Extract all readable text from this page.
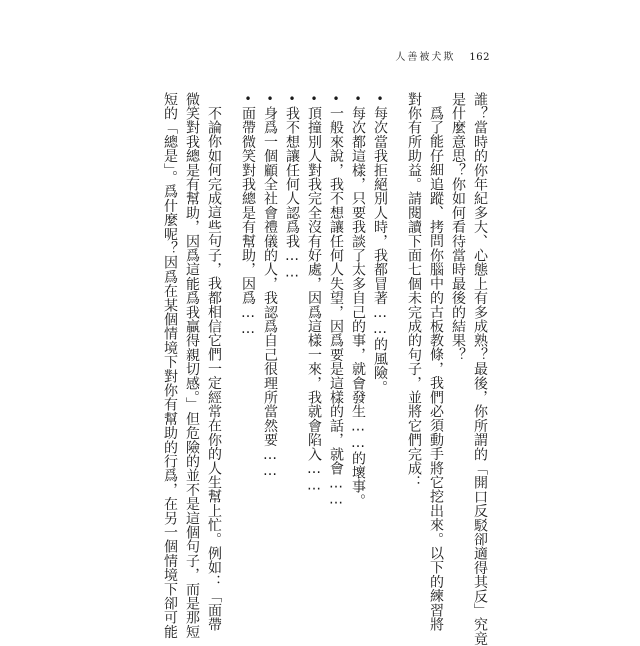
人善被犬欺 162
誰？當時的你年紀多大、心態上有多成熟？最後，你所謂的「開口反駁卻適得其反」究竟
是什麼意思？你如何看待當時最後的結果？
爲了能仔細追蹤、拷問你腦中的古板教條，我們必須動手將它挖出來。以下的練習將
對你有所助益。請閱讀下面七個未完成的句子，並將它們完成：
•每次當我拒絕別人時，我都冒著……的風險。
•每次都這樣，只要我談了太多自己的事，就會發生……的壞事。
•一般來說，我不想讓任何人失望，因爲要是這樣的話，就會……
•頂撞別人對我完全沒有好處，因爲這樣一來，我就會陷入……
•我不想讓任何人認爲我……
•身爲一個顧全社會禮儀的人，我認爲自己很理所當然要……
•面帶微笑對我總是有幫助，因爲……
不論你如何完成這些句子，我都相信它們一定經常在你的人生幫上忙。例如：「面帶
微笑對我總是有幫助，因爲這能爲我贏得親切感。」但危險的並不是這個句子，而是那短
短的「總是」。爲什麼呢？因爲在某個情境下對你有幫助的行爲，在另一個情境下卻可能
